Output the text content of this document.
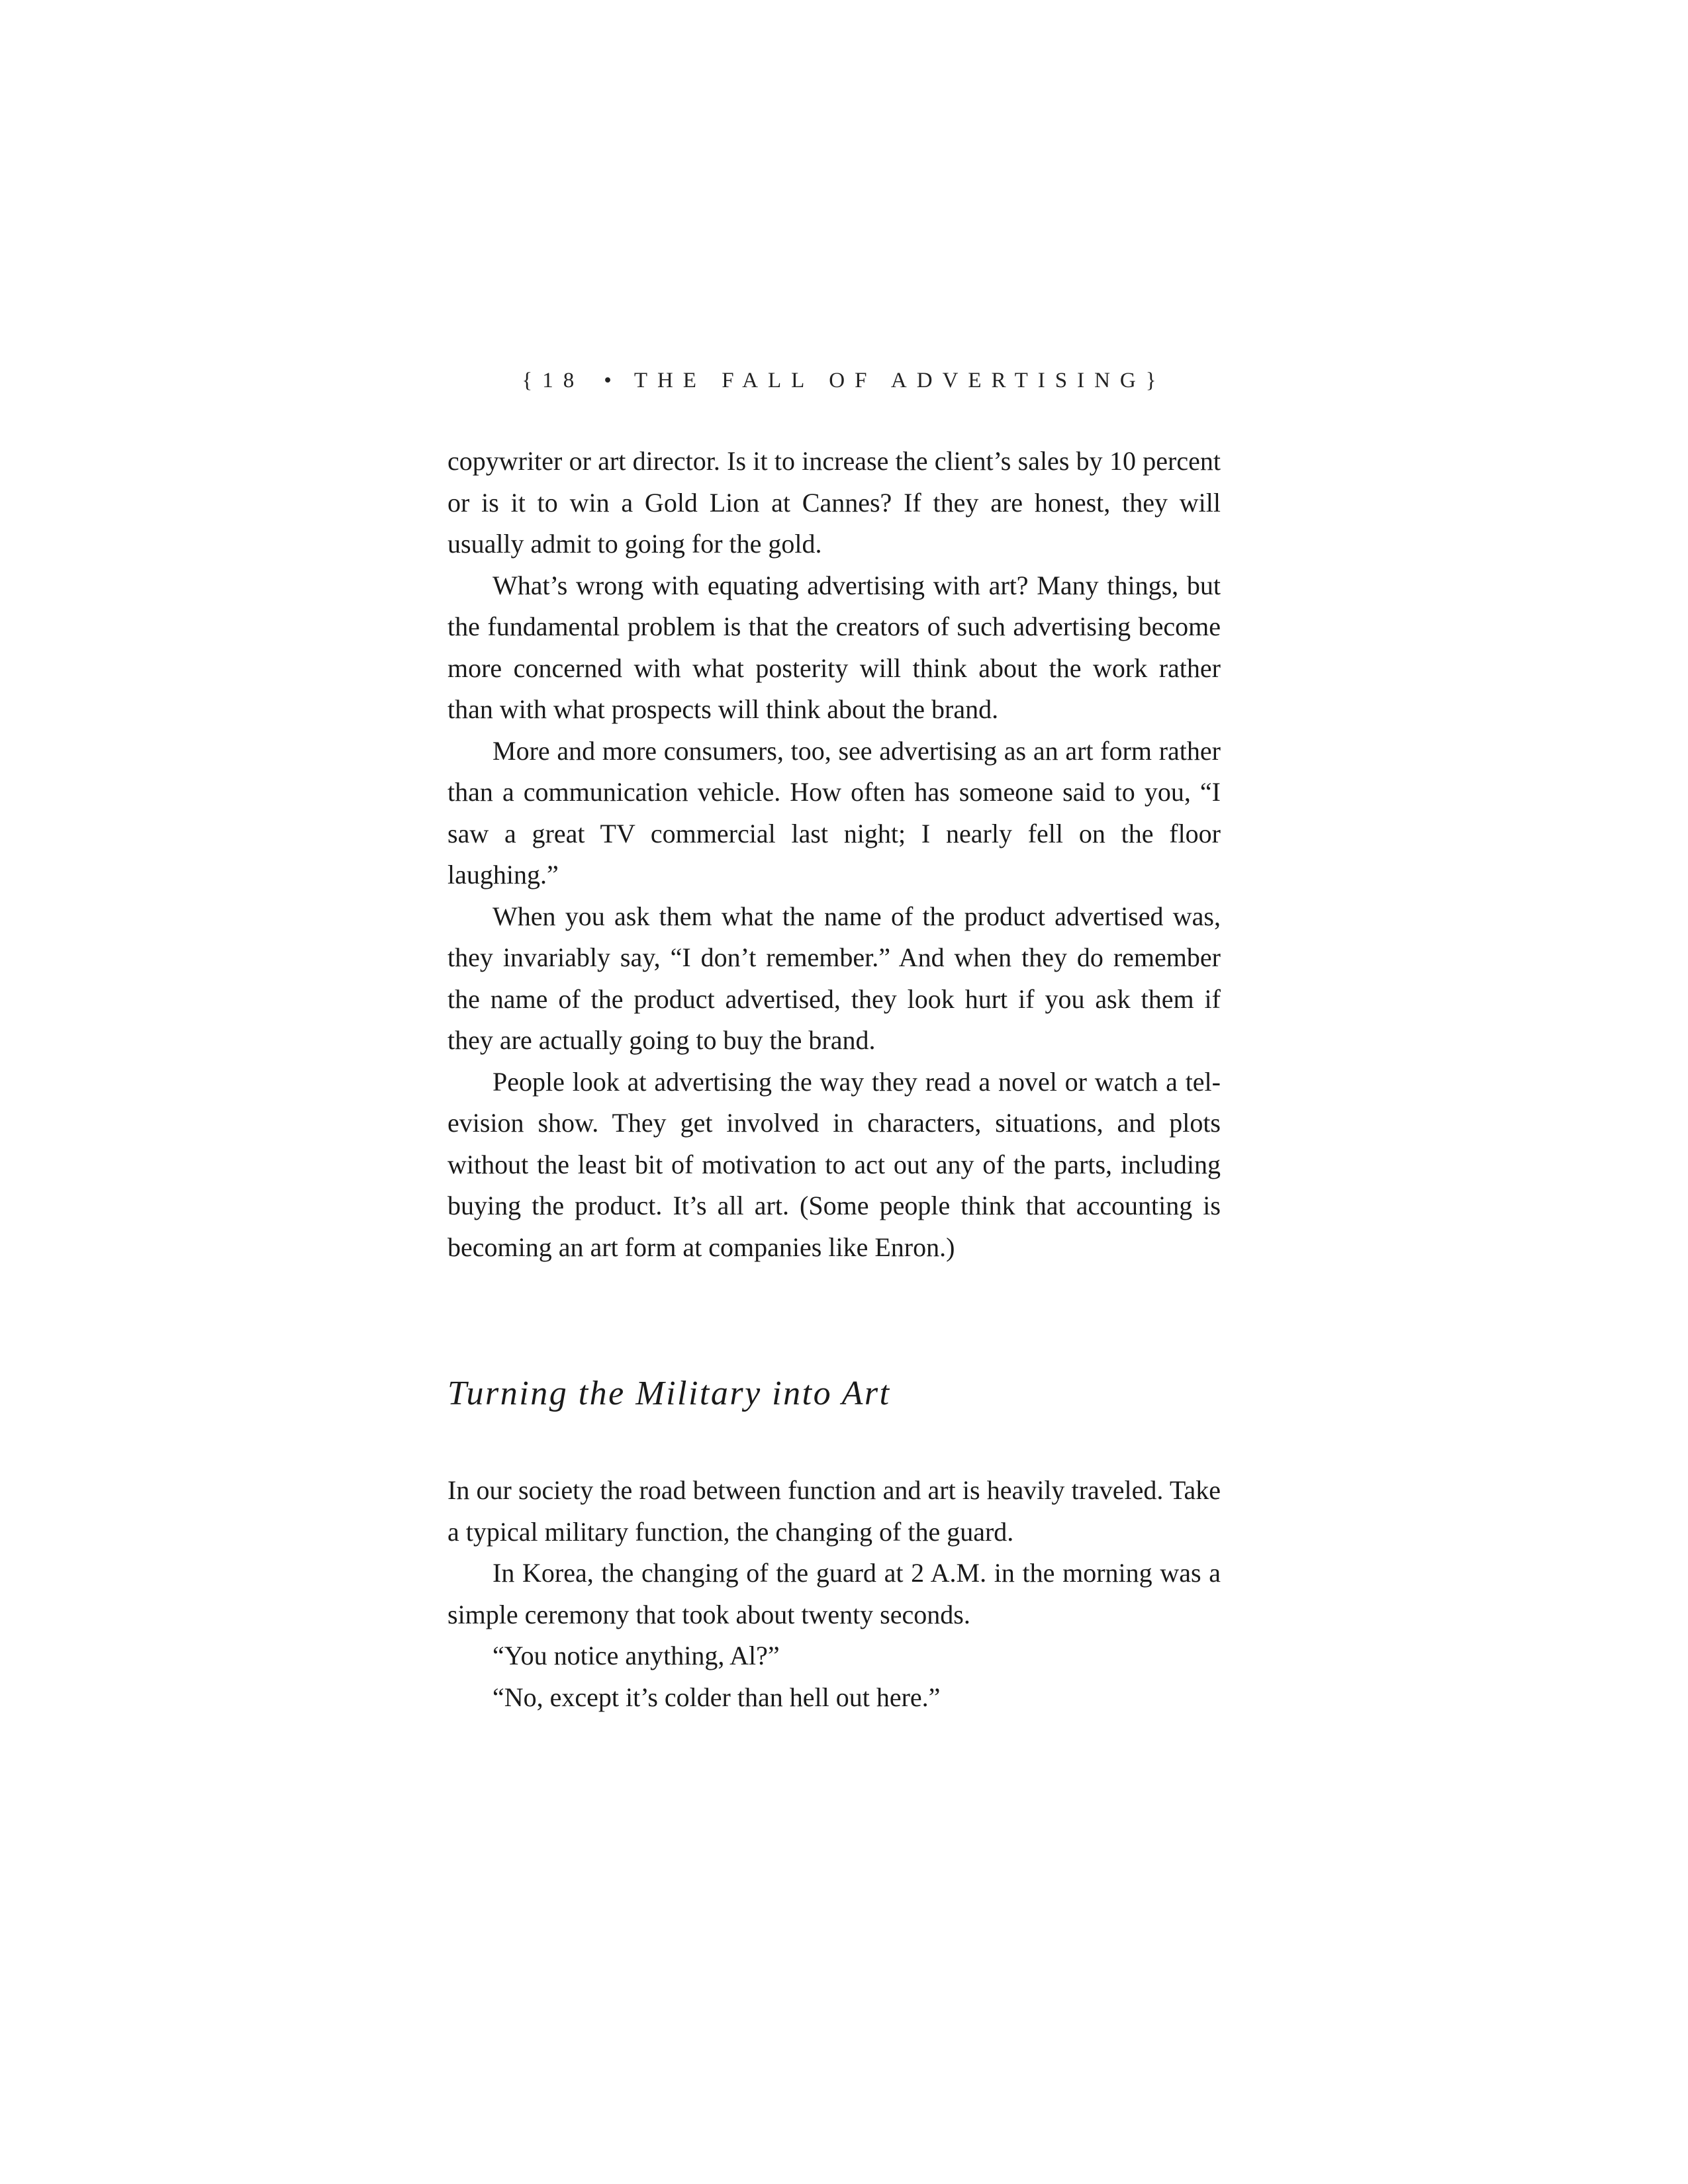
{18 • THE FALL OF ADVERTISING}

copywriter or art director. Is it to increase the client’s sales by 10 percent or is it to win a Gold Lion at Cannes? If they are honest, they will usually admit to going for the gold.

What’s wrong with equating advertising with art? Many things, but the fundamental problem is that the creators of such advertising become more concerned with what posterity will think about the work rather than with what prospects will think about the brand.

More and more consumers, too, see advertising as an art form rather than a communication vehicle. How often has someone said to you, “I saw a great TV commercial last night; I nearly fell on the floor laughing.”

When you ask them what the name of the product advertised was, they invariably say, “I don’t remember.” And when they do remember the name of the product advertised, they look hurt if you ask them if they are actually going to buy the brand.

People look at advertising the way they read a novel or watch a television show. They get involved in characters, situations, and plots without the least bit of motivation to act out any of the parts, including buying the product. It’s all art. (Some people think that accounting is becoming an art form at companies like Enron.)

Turning the Military into Art

In our society the road between function and art is heavily traveled. Take a typical military function, the changing of the guard.

In Korea, the changing of the guard at 2 A.M. in the morning was a simple ceremony that took about twenty seconds.

“You notice anything, Al?”

“No, except it’s colder than hell out here.”
